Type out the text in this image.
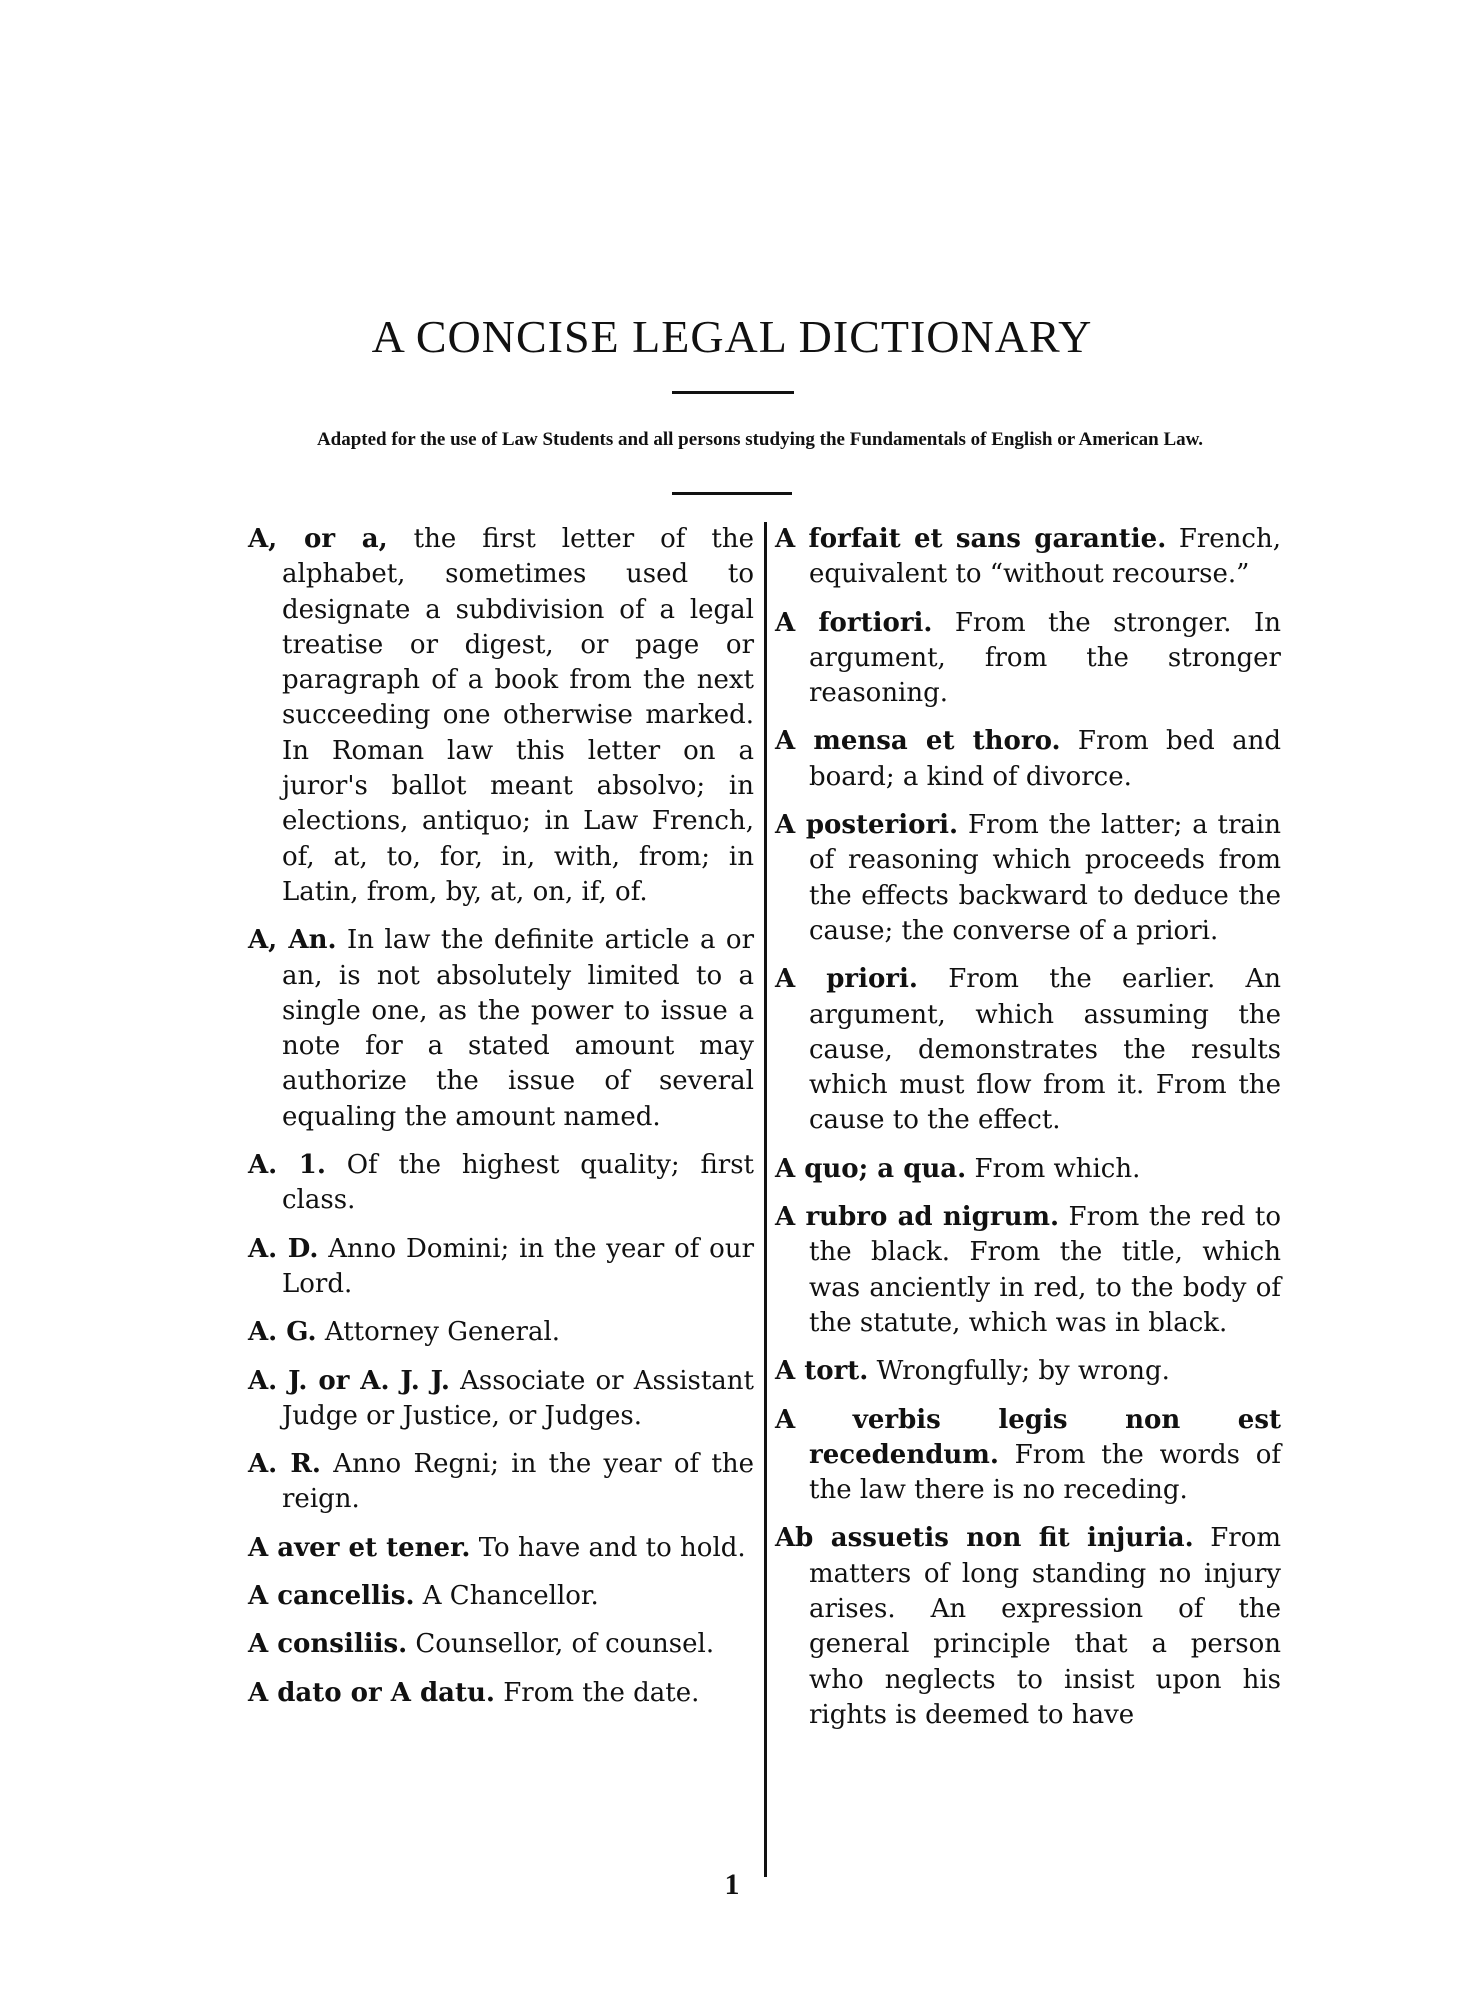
A CONCISE LEGAL DICTIONARY
Adapted for the use of Law Students and all persons studying the Fundamentals of English or American Law.

A, or a, the first letter of the alphabet, sometimes used to designate a subdivision of a legal treatise or digest, or page or paragraph of a book from the next succeeding one otherwise marked. In Roman law this letter on a juror's ballot meant absolvo; in elections, antiquo; in Law French, of, at, to, for, in, with, from; in Latin, from, by, at, on, if, of.

A, An. In law the definite article a or an, is not absolutely limited to a single one, as the power to issue a note for a stated amount may authorize the issue of several equaling the amount named.

A. 1. Of the highest quality; first class.

A. D. Anno Domini; in the year of our Lord.

A. G. Attorney General.

A. J. or A. J. J. Associate or Assistant Judge or Justice, or Judges.

A. R. Anno Regni; in the year of the reign.

A aver et tener. To have and to hold.

A cancellis. A Chancellor.

A consiliis. Counsellor, of counsel.

A dato or A datu. From the date.

A forfait et sans garantie. French, equivalent to “without recourse.”

A fortiori. From the stronger. In argument, from the stronger reasoning.

A mensa et thoro. From bed and board; a kind of divorce.

A posteriori. From the latter; a train of reasoning which proceeds from the effects backward to deduce the cause; the converse of a priori.

A priori. From the earlier. An argument, which assuming the cause, demonstrates the results which must flow from it. From the cause to the effect.

A quo; a qua. From which.

A rubro ad nigrum. From the red to the black. From the title, which was anciently in red, to the body of the statute, which was in black.

A tort. Wrongfully; by wrong.

A verbis legis non est recedendum. From the words of the law there is no receding.

Ab assuetis non fit injuria. From matters of long standing no injury arises. An expression of the general principle that a person who neglects to insist upon his rights is deemed to have

1
